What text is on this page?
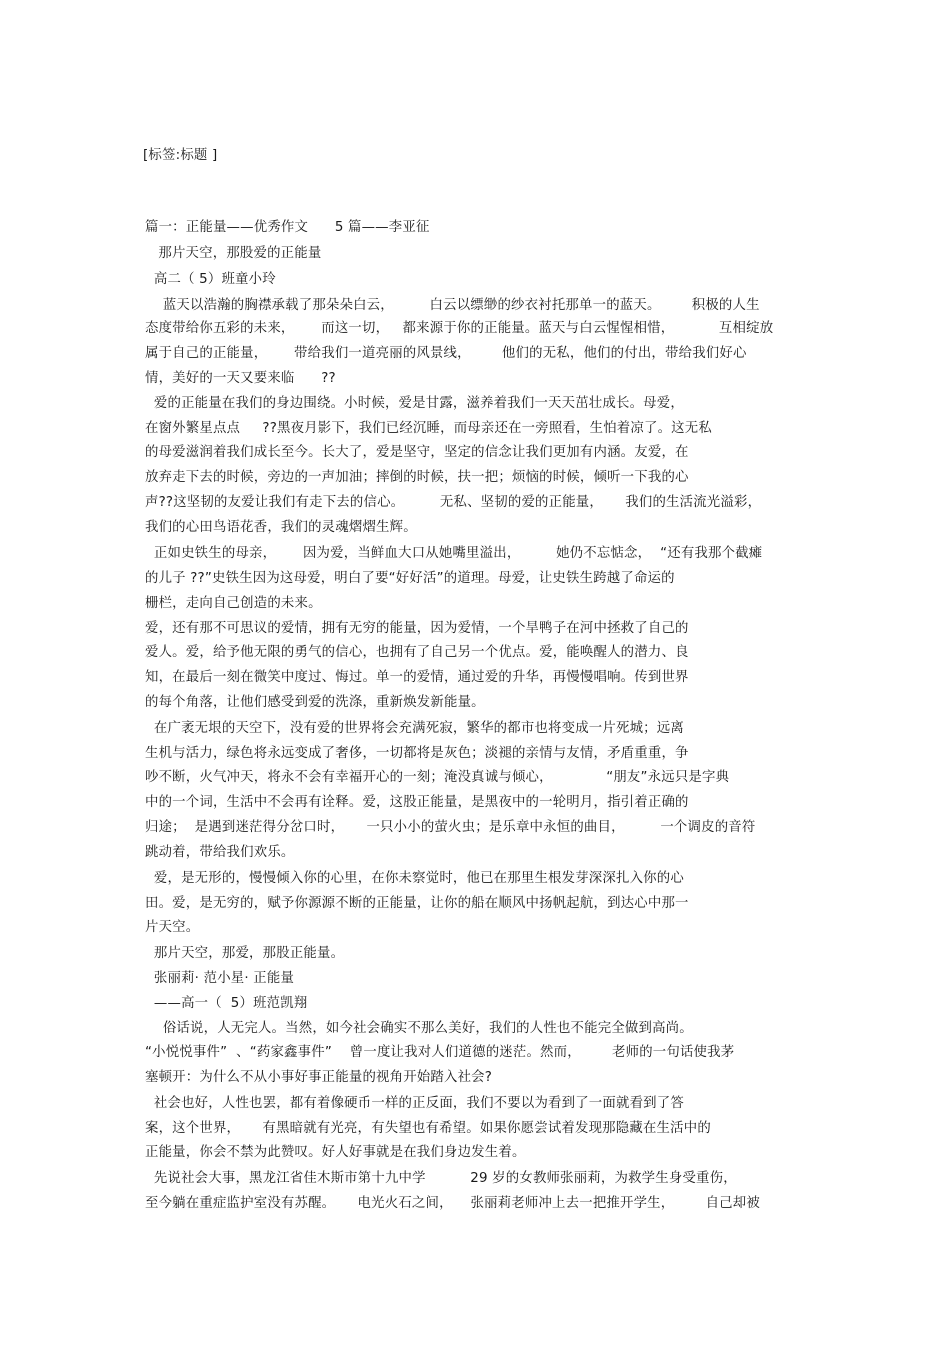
[标签:标题 ]
篇一：正能量——优秀作文      5 篇——李亚征
那片天空，那股爱的正能量
高二（ 5）班童小玲
蓝天以浩瀚的胸襟承载了那朵朵白云，        白云以缥缈的纱衣衬托那单一的蓝天。       积极的人生
态度带给你五彩的未来，      而这一切，   都来源于你的正能量。蓝天与白云惺惺相惜，          互相绽放
属于自己的正能量，      带给我们一道亮丽的风景线，       他们的无私，他们的付出，带给我们好心
情，美好的一天又要来临      ??
爱的正能量在我们的身边围绕。小时候，爱是甘露，滋养着我们一天天茁壮成长。母爱，
在窗外繁星点点     ??黑夜月影下，我们已经沉睡，而母亲还在一旁照看，生怕着凉了。这无私
的母爱滋润着我们成长至今。长大了，爱是坚守，坚定的信念让我们更加有内涵。友爱，在
放弃走下去的时候，旁边的一声加油；摔倒的时候，扶一把；烦恼的时候，倾听一下我的心
声??这坚韧的友爱让我们有走下去的信心。        无私、坚韧的爱的正能量，     我们的生活流光溢彩，
我们的心田鸟语花香，我们的灵魂熠熠生辉。
正如史铁生的母亲，      因为爱，当鲜血大口从她嘴里溢出，        她仍不忘惦念，  “还有我那个截瘫
的儿子 ??”史铁生因为这母爱，明白了要“好好活”的道理。母爱，让史铁生跨越了命运的
栅栏，走向自己创造的未来。
爱，还有那不可思议的爱情，拥有无穷的能量，因为爱情，一个旱鸭子在河中拯救了自己的
爱人。爱，给予他无限的勇气的信心，也拥有了自己另一个优点。爱，能唤醒人的潜力、良
知，在最后一刻在微笑中度过、悔过。单一的爱情，通过爱的升华，再慢慢唱响。传到世界
的每个角落，让他们感受到爱的洗涤，重新焕发新能量。
在广袤无垠的天空下，没有爱的世界将会充满死寂，繁华的都市也将变成一片死城；远离
生机与活力，绿色将永远变成了奢侈，一切都将是灰色；淡褪的亲情与友情，矛盾重重，争
吵不断，火气冲天，将永不会有幸福开心的一刻；淹没真诚与倾心，            “朋友”永远只是字典
中的一个词，生活中不会再有诠释。爱，这股正能量，是黑夜中的一轮明月，指引着正确的
归途；  是遇到迷茫得分岔口时，     一只小小的萤火虫；是乐章中永恒的曲目，        一个调皮的音符
跳动着，带给我们欢乐。
爱，是无形的，慢慢倾入你的心里，在你未察觉时，他已在那里生根发芽深深扎入你的心
田。爱，是无穷的，赋予你源源不断的正能量，让你的船在顺风中扬帆起航，到达心中那一
片天空。
那片天空，那爱，那股正能量。
张丽莉· 范小星· 正能量
——高一（  5）班范凯翔
俗话说，人无完人。当然，如今社会确实不那么美好，我们的人性也不能完全做到高尚。
“小悦悦事件”  、“药家鑫事件”    曾一度让我对人们道德的迷茫。然而，       老师的一句话使我茅
塞顿开：为什么不从小事好事正能量的视角开始踏入社会?
社会也好，人性也罢，都有着像硬币一样的正反面，我们不要以为看到了一面就看到了答
案，这个世界，     有黑暗就有光亮，有失望也有希望。如果你愿尝试着发现那隐藏在生活中的
正能量，你会不禁为此赞叹。好人好事就是在我们身边发生着。
先说社会大事，黑龙江省佳木斯市第十九中学          29 岁的女教师张丽莉，为救学生身受重伤，
至今躺在重症监护室没有苏醒。     电光火石之间，    张丽莉老师冲上去一把推开学生，       自己却被
